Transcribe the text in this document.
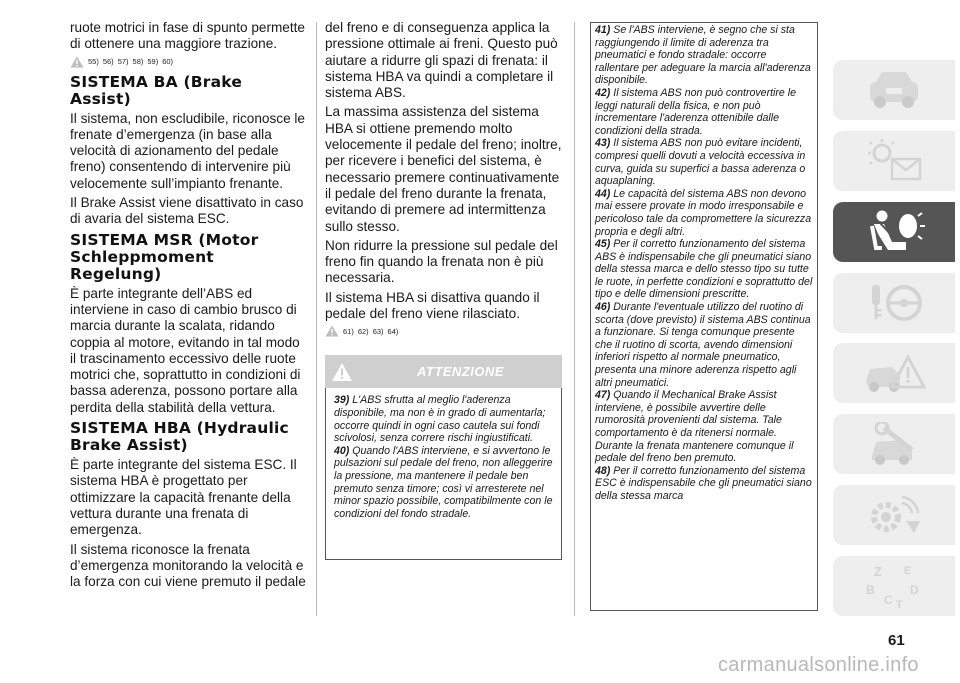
ruote motrici in fase di spunto permette di ottenere una maggiore trazione.

55) 56) 57) 58) 59) 60)
SISTEMA BA (Brake Assist)

Il sistema, non escludibile, riconosce le frenate d’emergenza (in base alla velocità di azionamento del pedale freno) consentendo di intervenire più velocemente sull’impianto frenante.

Il Brake Assist viene disattivato in caso di avaria del sistema ESC.

SISTEMA MSR (Motor Schleppmoment Regelung)

È parte integrante dell’ABS ed interviene in caso di cambio brusco di marcia durante la scalata, ridando coppia al motore, evitando in tal modo il trascinamento eccessivo delle ruote motrici che, soprattutto in condizioni di bassa aderenza, possono portare alla perdita della stabilità della vettura.

SISTEMA HBA (Hydraulic Brake Assist)

È parte integrante del sistema ESC. Il sistema HBA è progettato per ottimizzare la capacità frenante della vettura durante una frenata di emergenza.

Il sistema riconosce la frenata d’emergenza monitorando la velocità e la forza con cui viene premuto il pedale

del freno e di conseguenza applica la pressione ottimale ai freni. Questo può aiutare a ridurre gli spazi di frenata: il sistema HBA va quindi a completare il sistema ABS.

La massima assistenza del sistema HBA si ottiene premendo molto velocemente il pedale del freno; inoltre, per ricevere i benefici del sistema, è necessario premere continuativamente il pedale del freno durante la frenata, evitando di premere ad intermittenza sullo stesso.

Non ridurre la pressione sul pedale del freno fin quando la frenata non è più necessaria.

Il sistema HBA si disattiva quando il pedale del freno viene rilasciato.

61) 62) 63) 64)
ATTENZIONE

39) L'ABS sfrutta al meglio l'aderenza disponibile, ma non è in grado di aumentarla; occorre quindi in ogni caso cautela sui fondi scivolosi, senza correre rischi ingiustificati.

40) Quando l'ABS interviene, e si avvertono le pulsazioni sul pedale del freno, non alleggerire la pressione, ma mantenere il pedale ben premuto senza timore; così vi arresterete nel minor spazio possibile, compatibilmente con le condizioni del fondo stradale.

41) Se l'ABS interviene, è segno che si sta raggiungendo il limite di aderenza tra pneumatici e fondo stradale: occorre rallentare per adeguare la marcia all'aderenza disponibile.

42) Il sistema ABS non può controvertire le leggi naturali della fisica, e non può incrementare l'aderenza ottenibile dalle condizioni della strada.

43) Il sistema ABS non può evitare incidenti, compresi quelli dovuti a velocità eccessiva in curva, guida su superfici a bassa aderenza o aquaplaning.

44) Le capacità del sistema ABS non devono mai essere provate in modo irresponsabile e pericoloso tale da compromettere la sicurezza propria e degli altri.

45) Per il corretto funzionamento del sistema ABS è indispensabile che gli pneumatici siano della stessa marca e dello stesso tipo su tutte le ruote, in perfette condizioni e soprattutto del tipo e delle dimensioni prescritte.

46) Durante l'eventuale utilizzo del ruotino di scorta (dove previsto) il sistema ABS continua a funzionare. Si tenga comunque presente che il ruotino di scorta, avendo dimensioni inferiori rispetto al normale pneumatico, presenta una minore aderenza rispetto agli altri pneumatici.

47) Quando il Mechanical Brake Assist interviene, è possibile avvertire delle rumorosità provenienti dal sistema. Tale comportamento è da ritenersi normale. Durante la frenata mantenere comunque il pedale del freno ben premuto.

48) Per il corretto funzionamento del sistema ESC è indispensabile che gli pneumatici siano della stessa marca

Z E
B
C T
D
61
carmanualsonline.info
